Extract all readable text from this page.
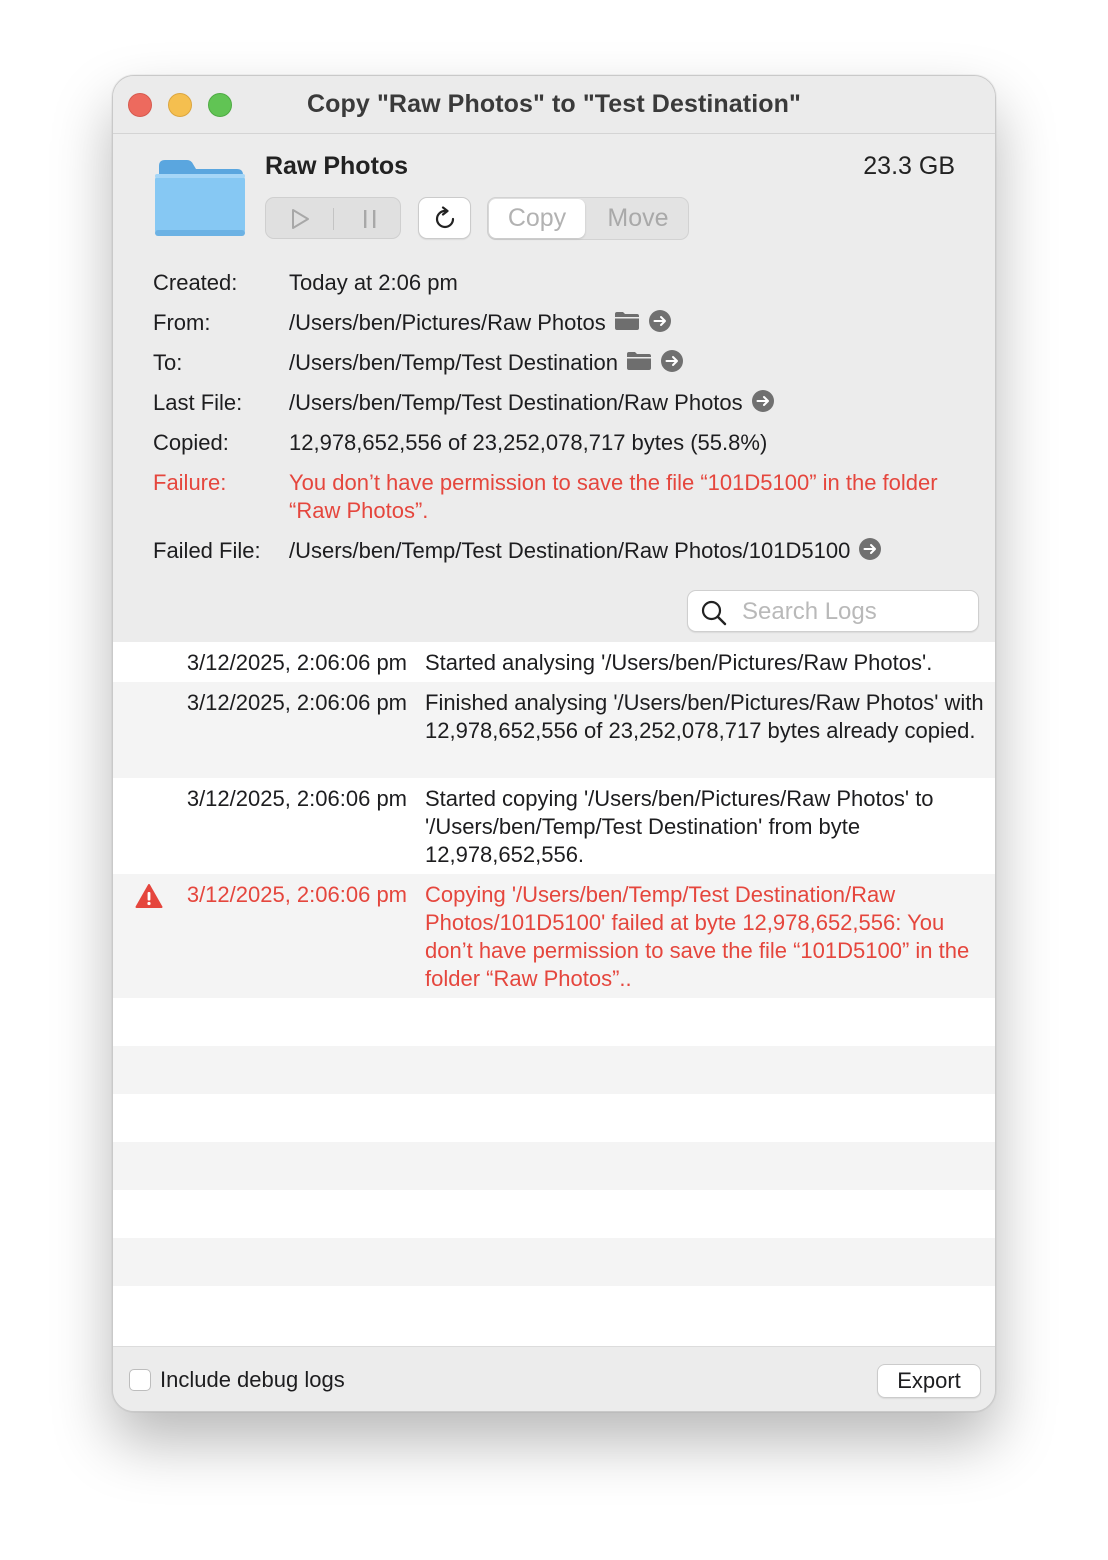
Copy "Raw Photos" to "Test Destination"
Raw Photos	23.3 GB
Copy	Move
Created:	Today at 2:06 pm
From:	/Users/ben/Pictures/Raw Photos
To:	/Users/ben/Temp/Test Destination
Last File:	/Users/ben/Temp/Test Destination/Raw Photos
Copied:	12,978,652,556 of 23,252,078,717 bytes (55.8%)
Failure:	You don’t have permission to save the file “101D5100” in the folder “Raw Photos”.
Failed File:	/Users/ben/Temp/Test Destination/Raw Photos/101D5100
Search Logs
3/12/2025, 2:06:06 pm Started analysing '/Users/ben/Pictures/Raw Photos'.
3/12/2025, 2:06:06 pm Finished analysing '/Users/ben/Pictures/Raw Photos' with 12,978,652,556 of 23,252,078,717 bytes already copied.
3/12/2025, 2:06:06 pm Started copying '/Users/ben/Pictures/Raw Photos' to '/Users/ben/Temp/Test Destination' from byte 12,978,652,556.
3/12/2025, 2:06:06 pm Copying '/Users/ben/Temp/Test Destination/Raw Photos/101D5100' failed at byte 12,978,652,556: You don’t have permission to save the file “101D5100” in the folder “Raw Photos”..
Include debug logs	Export
